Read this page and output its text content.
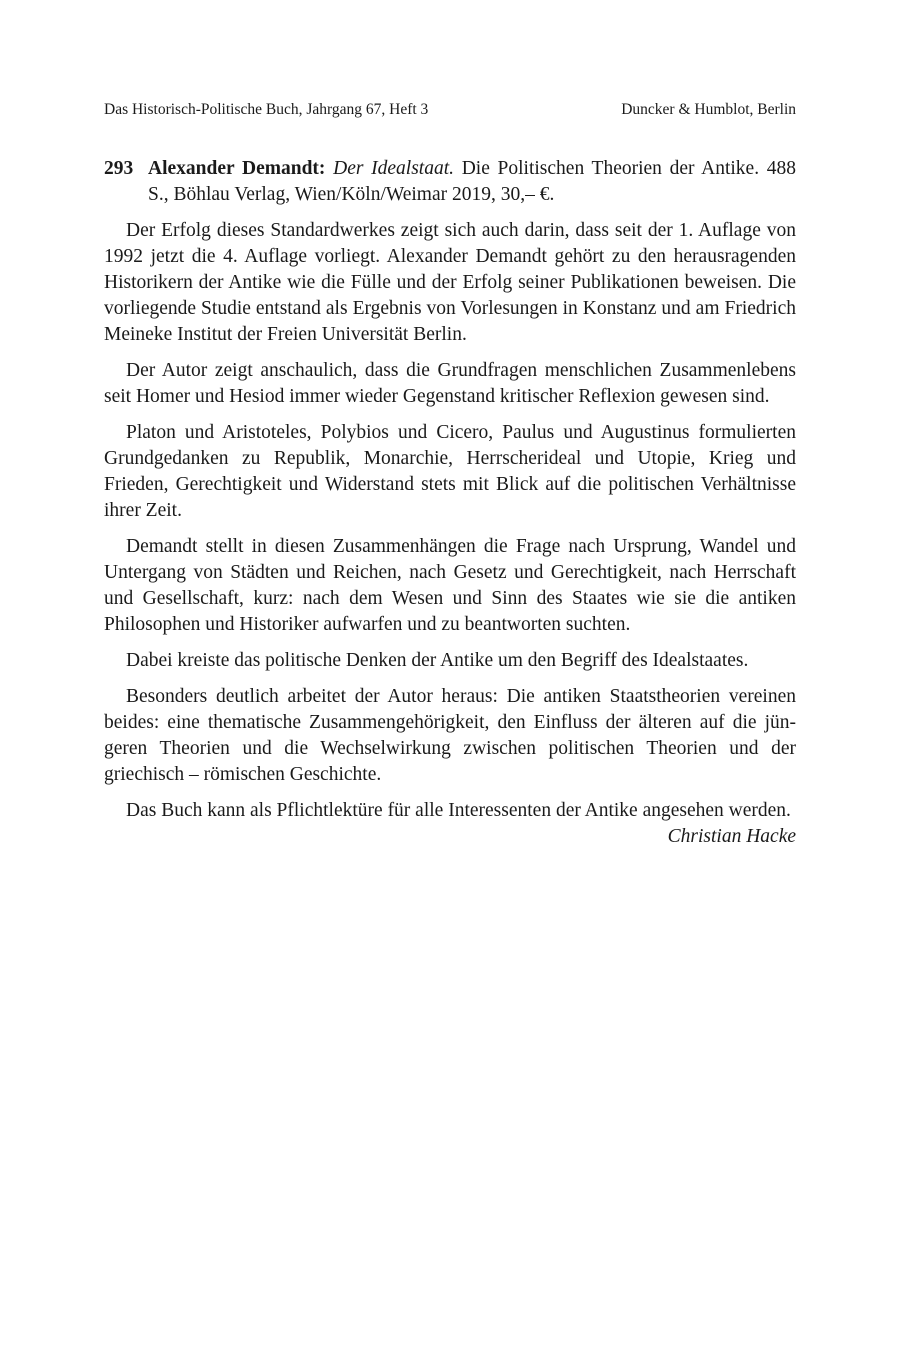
Das Historisch-Politische Buch, Jahrgang 67, Heft 3	Duncker & Humblot, Berlin

293 Alexander Demandt: Der Idealstaat. Die Politischen Theorien der Antike. 488 S., Böhlau Verlag, Wien/Köln/Weimar 2019, 30,– €.

Der Erfolg dieses Standardwerkes zeigt sich auch darin, dass seit der 1. Auflage von 1992 jetzt die 4. Auflage vorliegt. Alexander Demandt gehört zu den herausragenden Historikern der Antike wie die Fülle und der Erfolg seiner Publikationen beweisen. Die vorliegende Studie entstand als Ergebnis von Vorlesungen in Konstanz und am Friedrich Meineke Institut der Freien Universität Berlin.

Der Autor zeigt anschaulich, dass die Grundfragen menschlichen Zusammenlebens seit Homer und Hesiod immer wieder Gegenstand kritischer Reflexion gewesen sind.

Platon und Aristoteles, Polybios und Cicero, Paulus und Augustinus formulierten Grundgedanken zu Republik, Monarchie, Herrscherideal und Utopie, Krieg und Frieden, Gerechtigkeit und Widerstand stets mit Blick auf die politischen Verhältnisse ihrer Zeit.

Demandt stellt in diesen Zusammenhängen die Frage nach Ursprung, Wandel und Untergang von Städten und Reichen, nach Gesetz und Gerechtigkeit, nach Herrschaft und Gesellschaft, kurz: nach dem Wesen und Sinn des Staates wie sie die antiken Philosophen und Historiker aufwarfen und zu beantworten suchten.

Dabei kreiste das politische Denken der Antike um den Begriff des Idealstaates.

Besonders deutlich arbeitet der Autor heraus: Die antiken Staatstheorien vereinen beides: eine thematische Zusammengehörigkeit, den Einfluss der älteren auf die jüngeren Theorien und die Wechselwirkung zwischen politischen Theorien und der griechisch – römischen Geschichte.

Das Buch kann als Pflichtlektüre für alle Interessenten der Antike angesehen werden.

Christian Hacke
